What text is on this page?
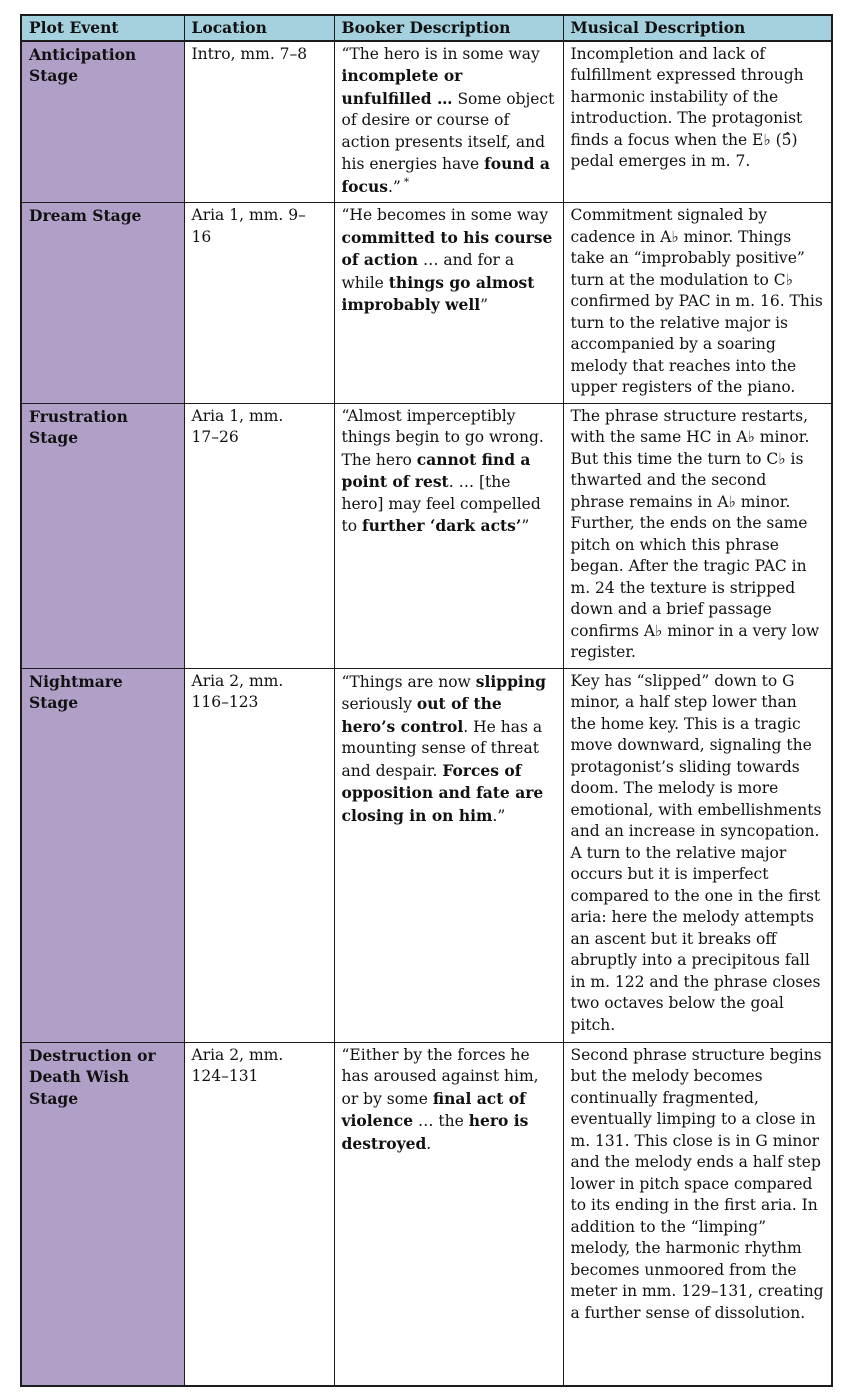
Plot Event	Location	Booker Description	Musical Description
Anticipation Stage	Intro, mm. 7–8	“The hero is in some way incomplete or unfulfilled … Some object of desire or course of action presents itself, and his energies have found a focus.” *	Incompletion and lack of fulfillment expressed through harmonic instability of the introduction. The protagonist finds a focus when the E♭ (5̂) pedal emerges in m. 7.
Dream Stage	Aria 1, mm. 9–16	“He becomes in some way committed to his course of action … and for a while things go almost improbably well”	Commitment signaled by cadence in A♭ minor. Things take an “improbably positive” turn at the modulation to C♭ confirmed by PAC in m. 16. This turn to the relative major is accompanied by a soaring melody that reaches into the upper registers of the piano.
Frustration Stage	Aria 1, mm. 17–26	“Almost imperceptibly things begin to go wrong. The hero cannot find a point of rest. … [the hero] may feel compelled to further ‘dark acts’”	The phrase structure restarts, with the same HC in A♭ minor. But this time the turn to C♭ is thwarted and the second phrase remains in A♭ minor. Further, the ends on the same pitch on which this phrase began. After the tragic PAC in m. 24 the texture is stripped down and a brief passage confirms A♭ minor in a very low register.
Nightmare Stage	Aria 2, mm. 116–123	“Things are now slipping seriously out of the hero’s control. He has a mounting sense of threat and despair. Forces of opposition and fate are closing in on him.”	Key has “slipped” down to G minor, a half step lower than the home key. This is a tragic move downward, signaling the protagonist’s sliding towards doom. The melody is more emotional, with embellishments and an increase in syncopation. A turn to the relative major occurs but it is imperfect compared to the one in the first aria: here the melody attempts an ascent but it breaks off abruptly into a precipitous fall in m. 122 and the phrase closes two octaves below the goal pitch.
Destruction or Death Wish Stage	Aria 2, mm. 124–131	“Either by the forces he has aroused against him, or by some final act of violence … the hero is destroyed.	Second phrase structure begins but the melody becomes continually fragmented, eventually limping to a close in m. 131. This close is in G minor and the melody ends a half step lower in pitch space compared to its ending in the first aria. In addition to the “limping” melody, the harmonic rhythm becomes unmoored from the meter in mm. 129–131, creating a further sense of dissolution.
